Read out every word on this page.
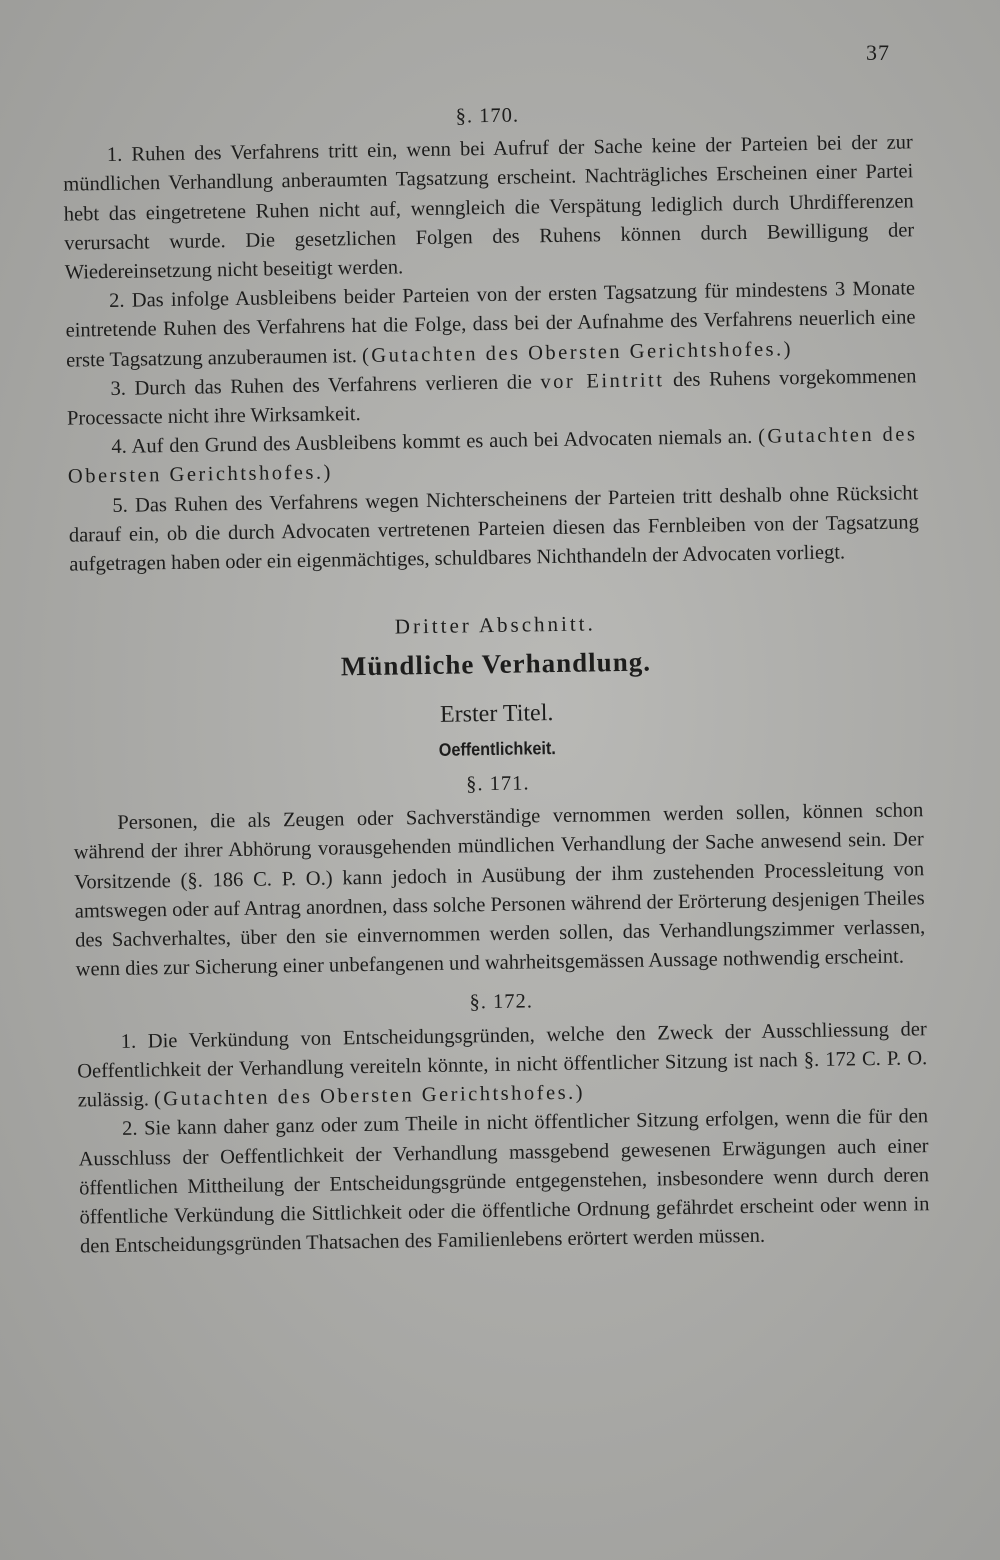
37
§. 170.

1. Ruhen des Verfahrens tritt ein, wenn bei Aufruf der Sache keine der Parteien bei der zur mündlichen Verhandlung anberaumten Tagsatzung erscheint. Nachträgliches Erscheinen einer Partei hebt das eingetretene Ruhen nicht auf, wenngleich die Verspätung lediglich durch Uhrdifferenzen verursacht wurde. Die gesetzlichen Folgen des Ruhens können durch Bewilligung der Wiedereinsetzung nicht beseitigt werden.

2. Das infolge Ausbleibens beider Parteien von der ersten Tagsatzung für mindestens 3 Monate eintretende Ruhen des Verfahrens hat die Folge, dass bei der Aufnahme des Verfahrens neuerlich eine erste Tagsatzung anzuberaumen ist. (Gutachten des Obersten Gerichtshofes.)

3. Durch das Ruhen des Verfahrens verlieren die vor Eintritt des Ruhens vorgekommenen Processacte nicht ihre Wirksamkeit.

4. Auf den Grund des Ausbleibens kommt es auch bei Advocaten niemals an. (Gutachten des Obersten Gerichtshofes.)

5. Das Ruhen des Verfahrens wegen Nichterscheinens der Parteien tritt deshalb ohne Rücksicht darauf ein, ob die durch Advocaten vertretenen Parteien diesen das Fernbleiben von der Tagsatzung aufgetragen haben oder ein eigenmächtiges, schuldbares Nichthandeln der Advocaten vorliegt.

Dritter Abschnitt.
Mündliche Verhandlung.
Erster Titel.
Oeffentlichkeit.
§. 171.

Personen, die als Zeugen oder Sachverständige vernommen werden sollen, können schon während der ihrer Abhörung vorausgehenden mündlichen Verhandlung der Sache anwesend sein. Der Vorsitzende (§. 186 C. P. O.) kann jedoch in Ausübung der ihm zustehenden Processleitung von amtswegen oder auf Antrag anordnen, dass solche Personen während der Erörterung desjenigen Theiles des Sachverhaltes, über den sie einvernommen werden sollen, das Verhandlungszimmer verlassen, wenn dies zur Sicherung einer unbefangenen und wahrheitsgemässen Aussage nothwendig erscheint.

§. 172.

1. Die Verkündung von Entscheidungsgründen, welche den Zweck der Ausschliessung der Oeffentlichkeit der Verhandlung vereiteln könnte, in nicht öffentlicher Sitzung ist nach §. 172 C. P. O. zulässig. (Gutachten des Obersten Gerichtshofes.)

2. Sie kann daher ganz oder zum Theile in nicht öffentlicher Sitzung erfolgen, wenn die für den Ausschluss der Oeffentlichkeit der Verhandlung massgebend gewesenen Erwägungen auch einer öffentlichen Mittheilung der Entscheidungsgründe entgegenstehen, insbesondere wenn durch deren öffentliche Verkündung die Sittlichkeit oder die öffentliche Ordnung gefährdet erscheint oder wenn in den Entscheidungsgründen Thatsachen des Familienlebens erörtert werden müssen.
